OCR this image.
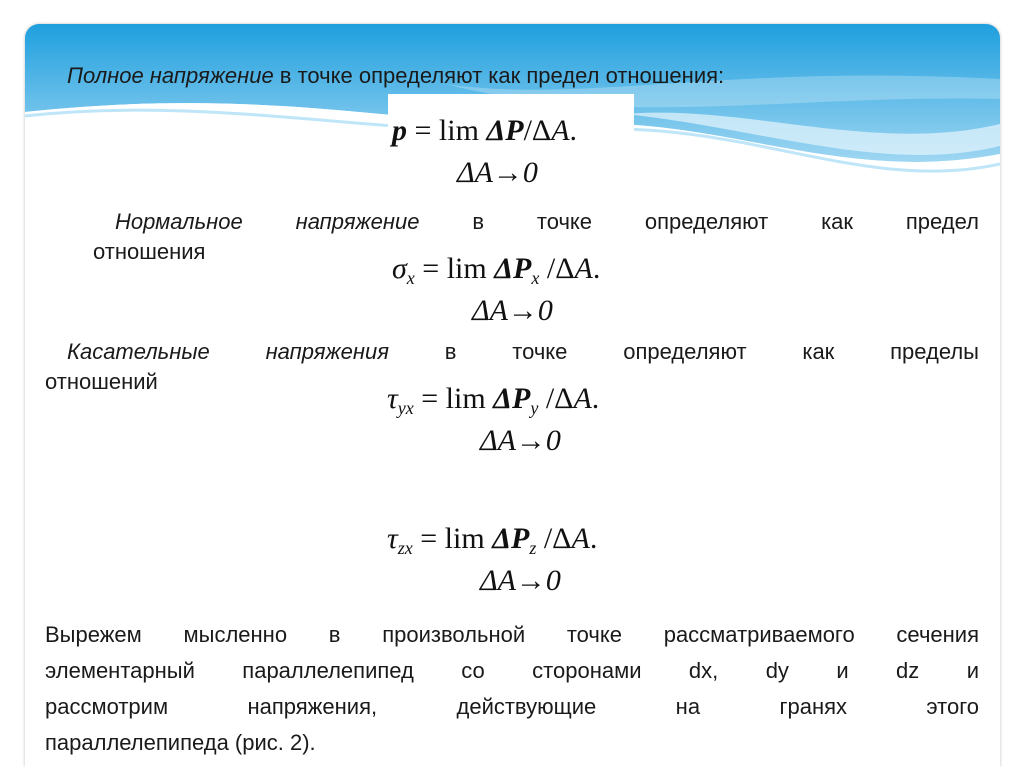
Полное напряжение в точке определяют как предел отношения:
p = lim ΔP/ΔA.
ΔA→0
Нормальное напряжение в точке определяют как предел
отношения
$\sigma_x = \lim \Delta P_x$ /ΔA.
ΔA→0
Касательные напряжения в точке определяют как пределы
отношений
$\tau_{yx} = \lim \Delta P_y$ /ΔA.
ΔA→0
$\tau_{zx} = \lim \Delta P_z$ /ΔA.
ΔA→0
Вырежем мысленно в произвольной точке рассматриваемого сечения
элементарный параллелепипед со сторонами dx, dy и dz и
рассмотрим напряжения, действующие на гранях этого
параллелепипеда (рис. 2).
